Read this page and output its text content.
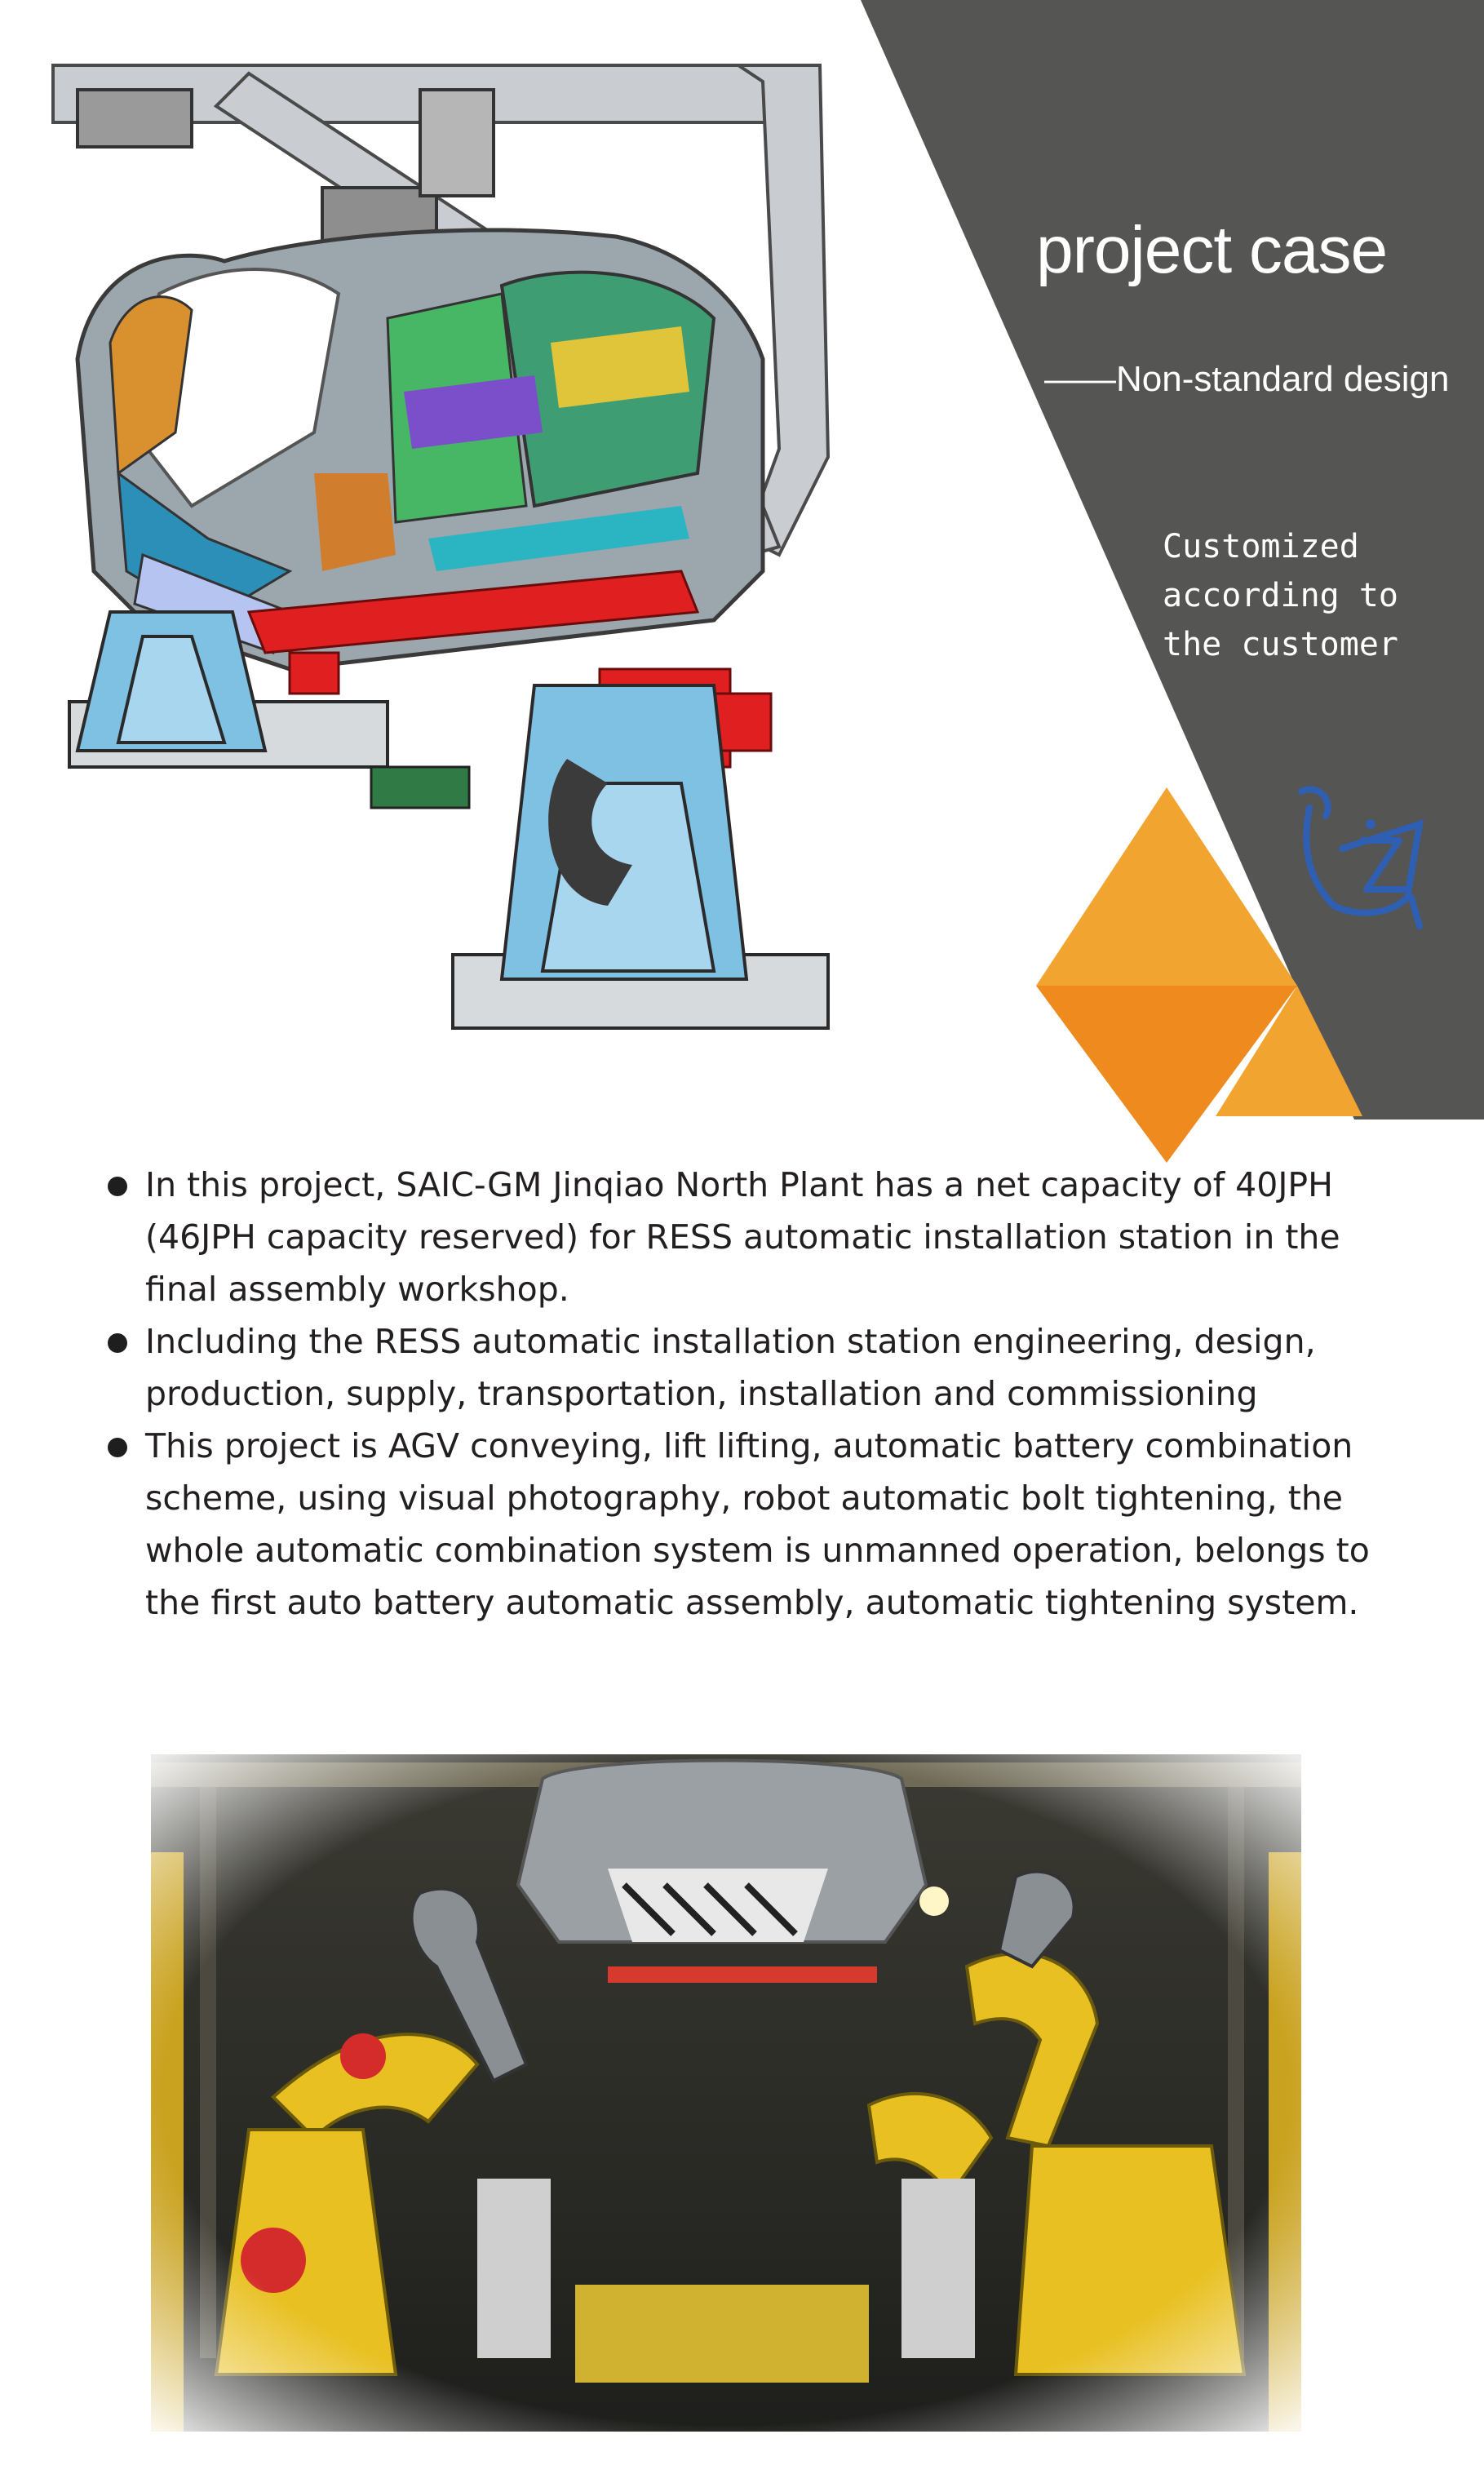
project case
——Non-standard design
Customized according to the customer
In this project, SAIC-GM Jinqiao North Plant has a net capacity of 40JPH (46JPH capacity reserved) for RESS automatic installation station in the final assembly workshop.
Including the RESS automatic installation station engineering, design, production, supply, transportation, installation and commissioning
This project is AGV conveying, lift lifting, automatic battery combination scheme, using visual photography, robot automatic bolt tightening, the whole automatic combination system is unmanned operation, belongs to the first auto battery automatic assembly, automatic tightening system.
